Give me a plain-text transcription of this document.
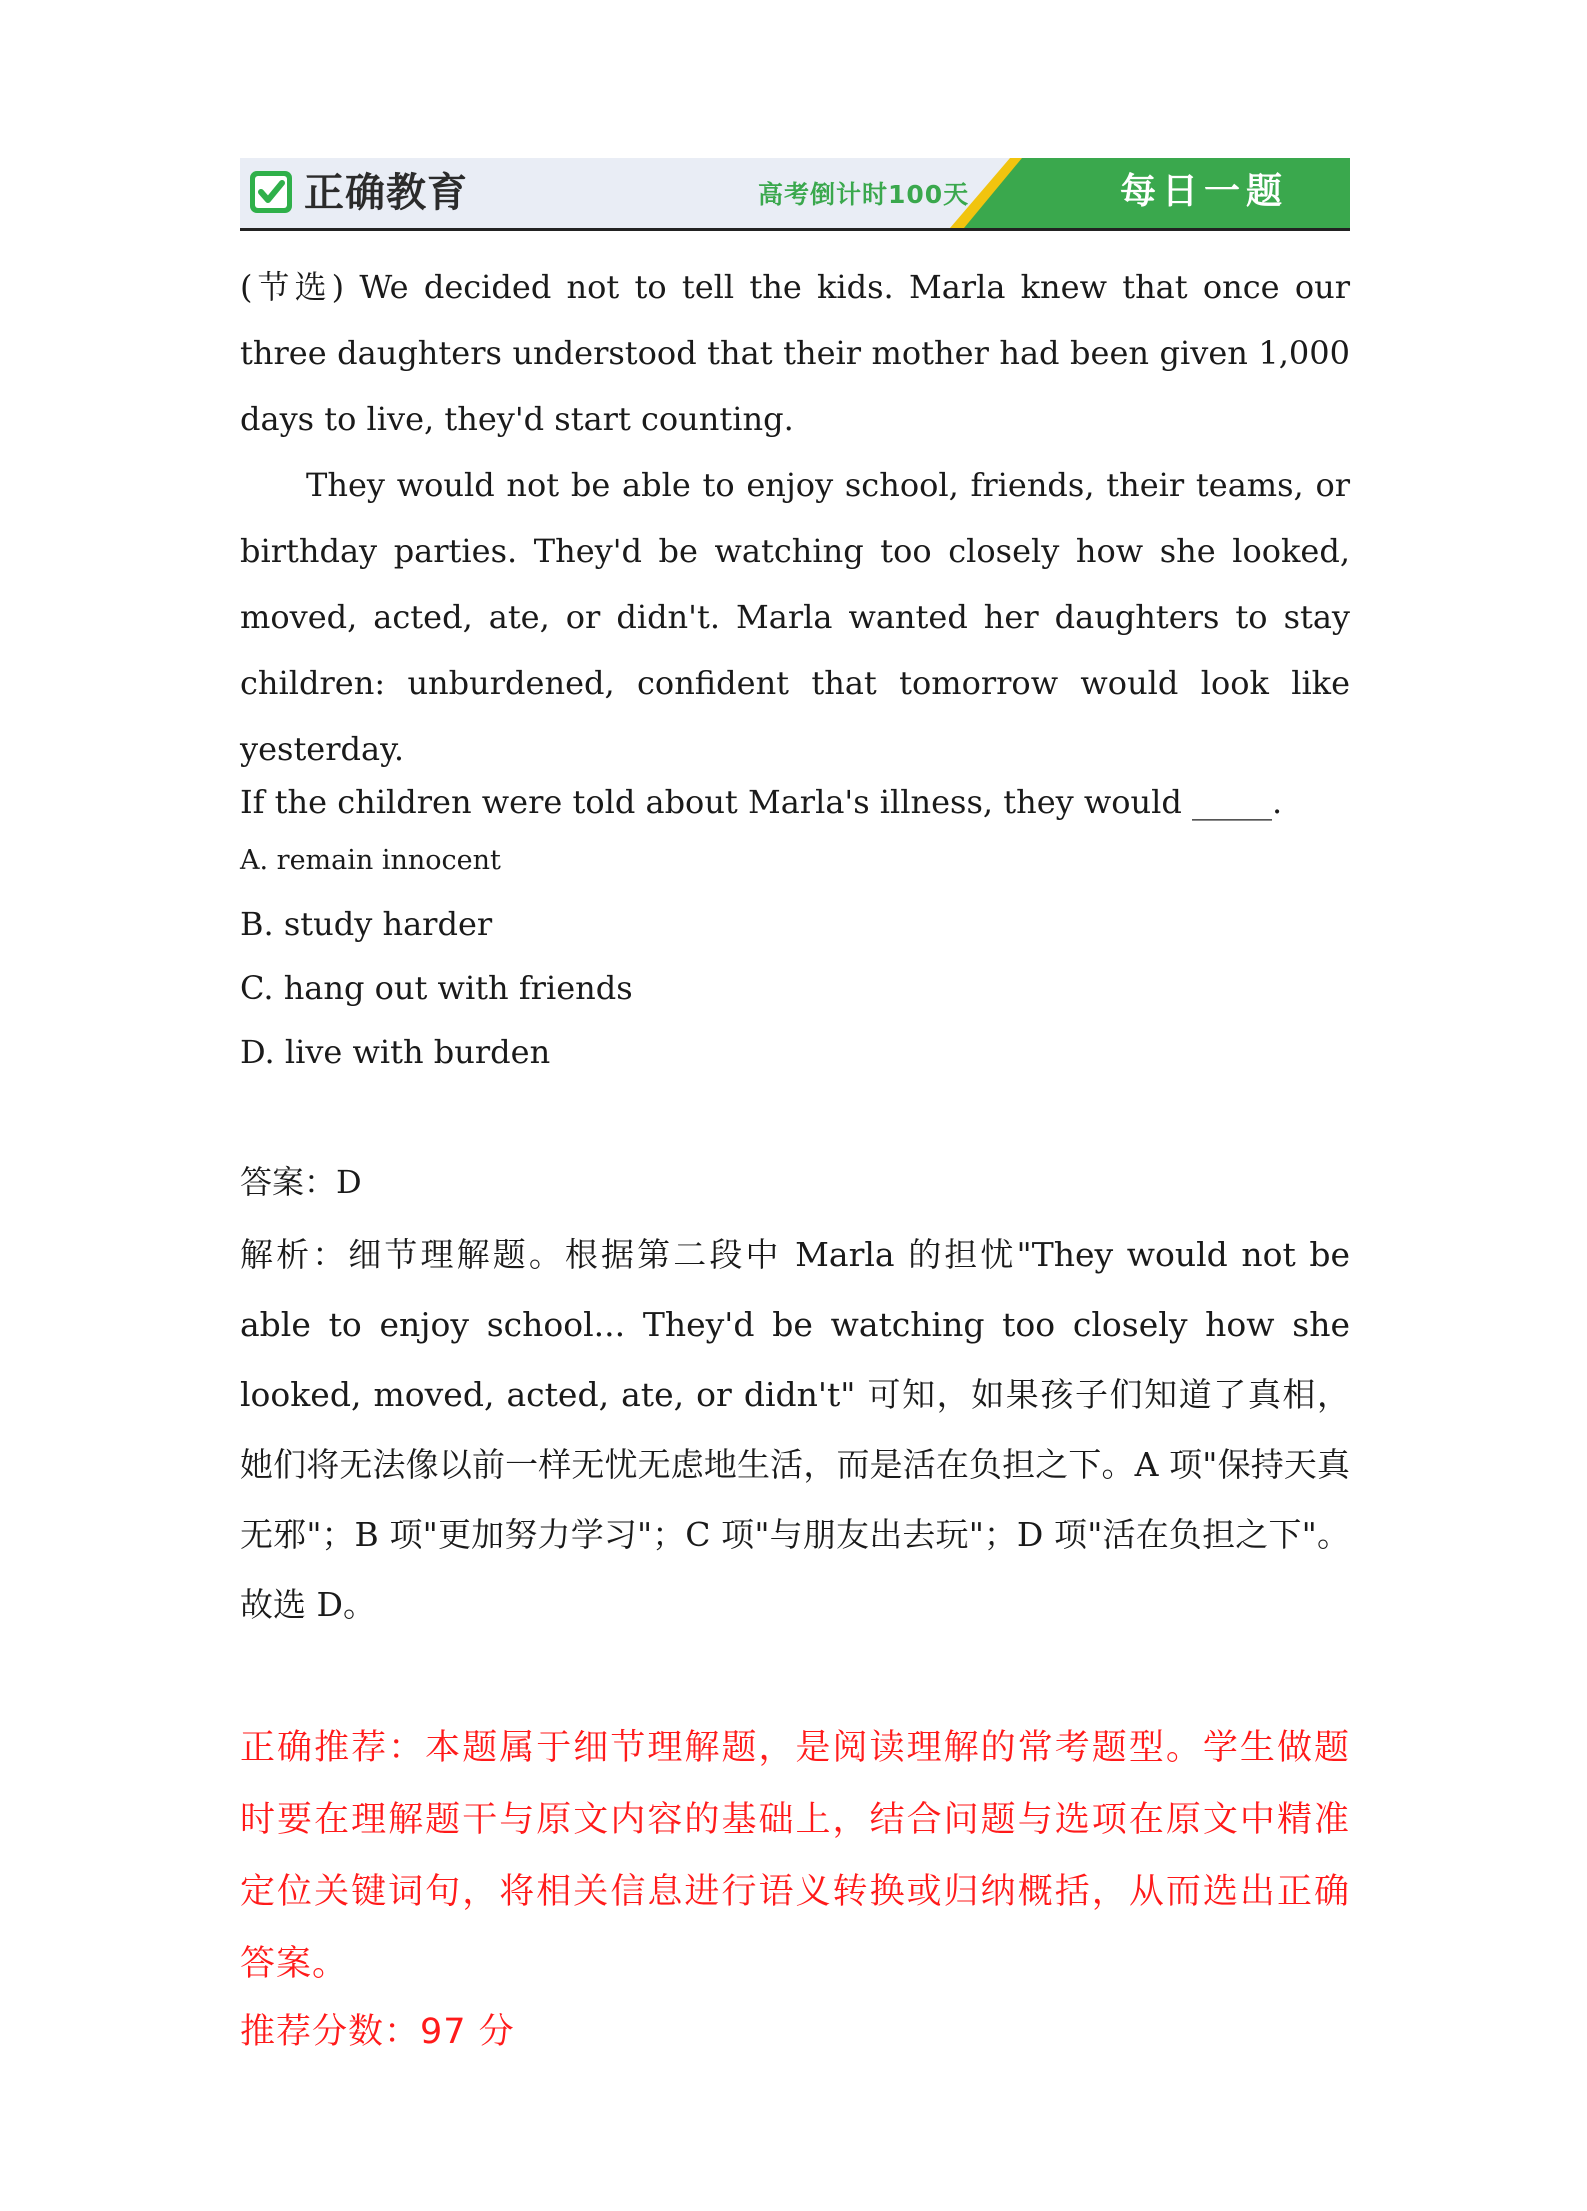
正确教育	高考倒计时100天	每日一题

(节选) We decided not to tell the kids. Marla knew that once our three daughters understood that their mother had been given 1,000 days to live, they'd start counting.

They would not be able to enjoy school, friends, their teams, or birthday parties. They'd be watching too closely how she looked, moved, acted, ate, or didn't. Marla wanted her daughters to stay children: unburdened, confident that tomorrow would look like yesterday.

If the children were told about Marla's illness, they would _____.
A. remain innocent
B. study harder
C. hang out with friends
D. live with burden
答案：D
解析：细节理解题。根据第二段中 Marla 的担忧"They would not be able to enjoy school... They'd be watching too closely how she looked, moved, acted, ate, or didn't" 可知，如果孩子们知道了真相，她们将无法像以前一样无忧无虑地生活，而是活在负担之下。A 项"保持天真无邪"；B 项"更加努力学习"；C 项"与朋友出去玩"；D 项"活在负担之下"。故选 D。
正确推荐：本题属于细节理解题，是阅读理解的常考题型。学生做题时要在理解题干与原文内容的基础上，结合问题与选项在原文中精准定位关键词句，将相关信息进行语义转换或归纳概括，从而选出正确答案。
推荐分数：97 分
